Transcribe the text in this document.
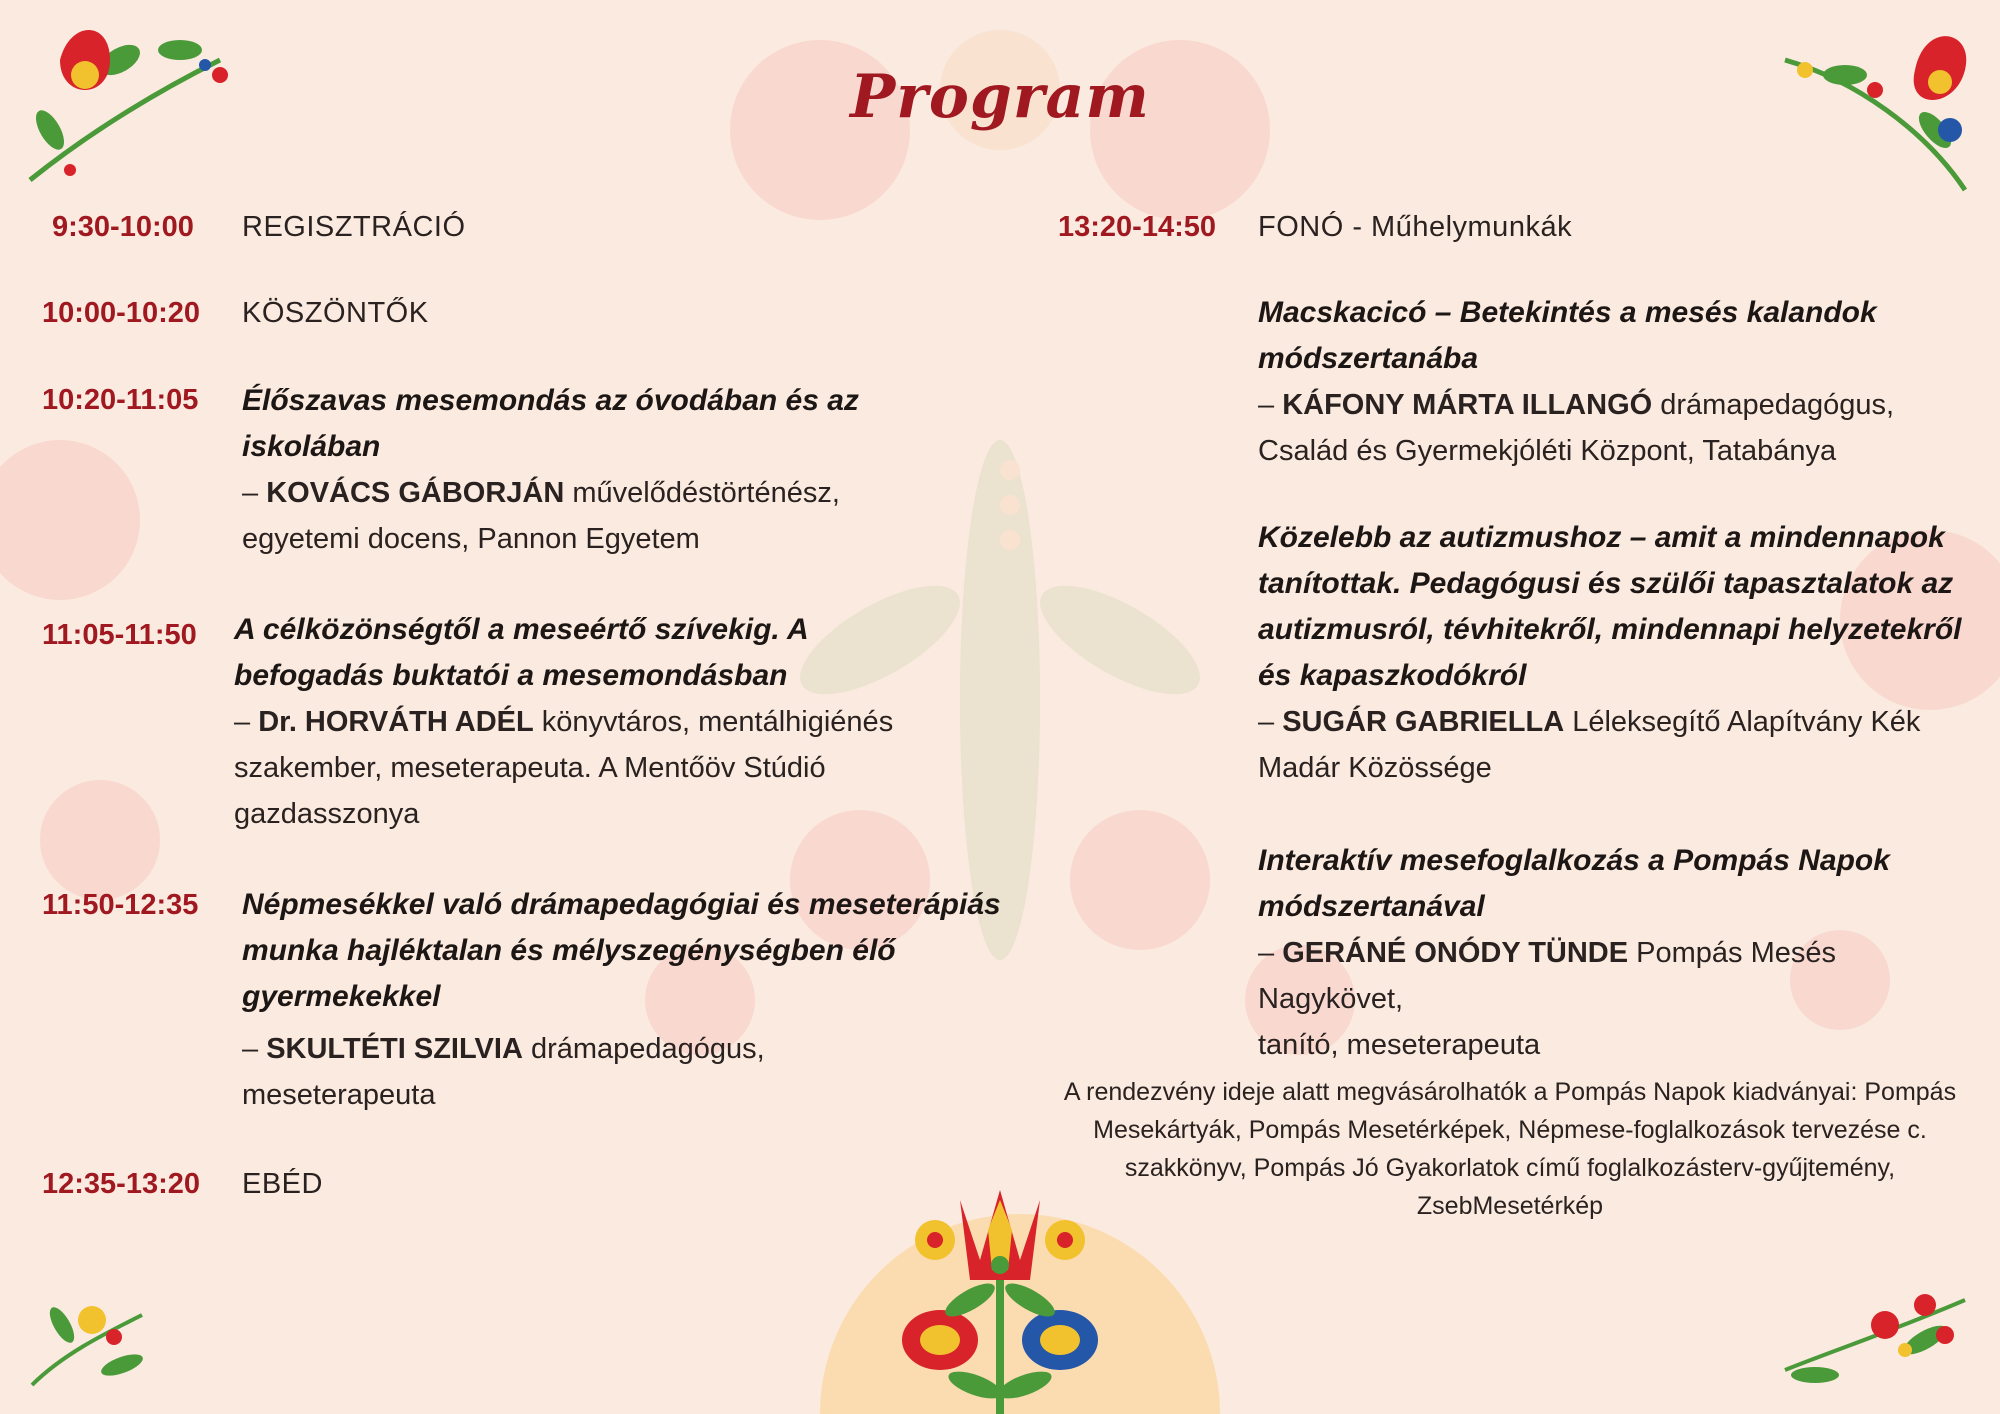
Program
9:30-10:00 REGISZTRÁCIÓ
10:00-10:20 KÖSZÖNTŐK
10:20-11:05 Élőszavas mesemondás az óvodában és az
iskolában
– KOVÁCS GÁBORJÁN művelődéstörténész,
egyetemi docens, Pannon Egyetem
11:05-11:50 A célközönségtől a meseértő szívekig. A
befogadás buktatói a mesemondásban
– Dr. HORVÁTH ADÉL könyvtáros, mentálhigiénés
szakember, meseterapeuta. A Mentőöv Stúdió
gazdasszonya
11:50-12:35 Népmesékkel való drámapedagógiai és meseterápiás
munka hajléktalan és mélyszegénységben élő
gyermekekkel
– SKULTÉTI SZILVIA drámapedagógus,
meseterapeuta
12:35-13:20 EBÉD
13:20-14:50 FONÓ - Műhelymunkák
Macskacicó – Betekintés a mesés kalandok
módszertanába
– KÁFONY MÁRTA ILLANGÓ drámapedagógus,
Család és Gyermekjóléti Központ, Tatabánya
Közelebb az autizmushoz – amit a mindennapok
tanítottak. Pedagógusi és szülői tapasztalatok az
autizmusról, tévhitekről, mindennapi helyzetekről
és kapaszkodókról
– SUGÁR GABRIELLA Léleksegítő Alapítvány Kék
Madár Közössége
Interaktív mesefoglalkozás a Pompás Napok
módszertanával
– GERÁNÉ ONÓDY TÜNDE Pompás Mesés Nagykövet,
tanító, meseterapeuta
A rendezvény ideje alatt megvásárolhatók a Pompás Napok kiadványai: Pompás
Mesekártyák, Pompás Mesetérképek, Népmese-foglalkozások tervezése c.
szakkönyv, Pompás Jó Gyakorlatok című foglalkozásterv-gyűjtemény,
ZsebMesetérkép
